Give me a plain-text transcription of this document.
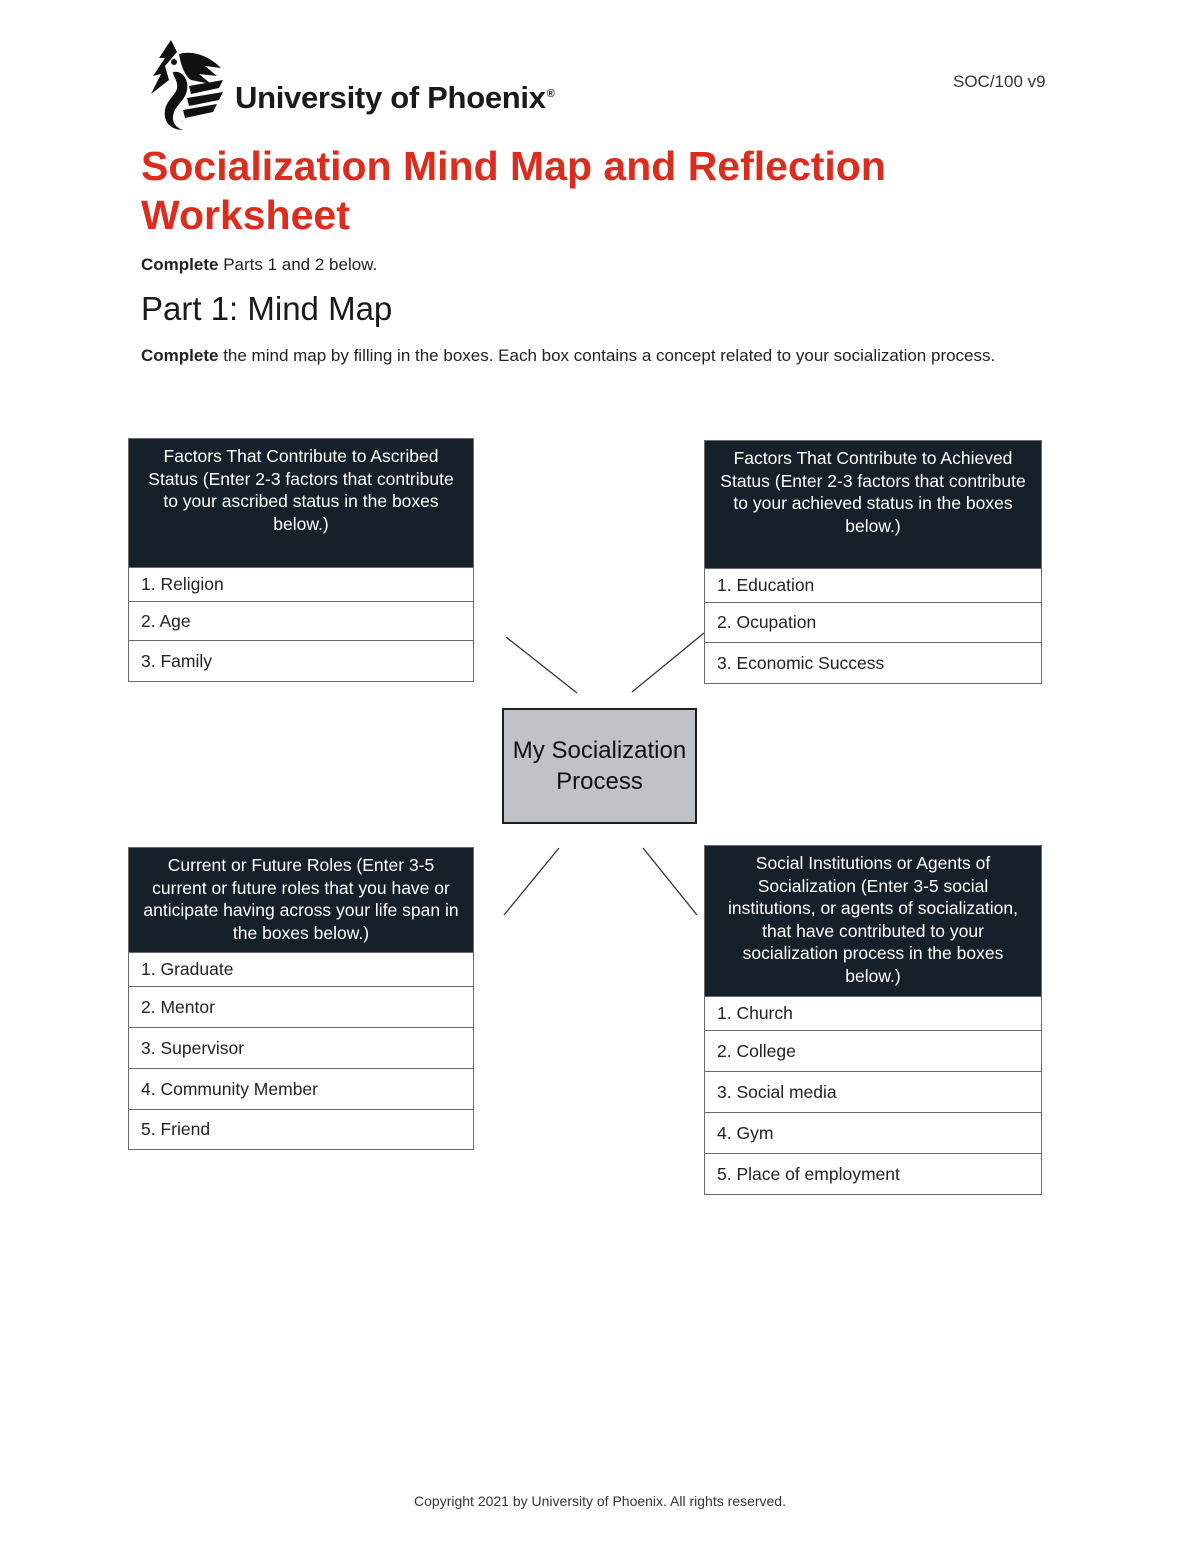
University of Phoenix®
SOC/100 v9
Socialization Mind Map and Reflection Worksheet
Complete Parts 1 and 2 below.
Part 1: Mind Map
Complete the mind map by filling in the boxes. Each box contains a concept related to your socialization process.
Factors That Contribute to Ascribed Status (Enter 2-3 factors that contribute to your ascribed status in the boxes below.)
1. Religion
2. Age
3. Family
Factors That Contribute to Achieved Status (Enter 2-3 factors that contribute to your achieved status in the boxes below.)
1. Education
2. Ocupation
3. Economic Success
My Socialization Process
Current or Future Roles (Enter 3-5 current or future roles that you have or anticipate having across your life span in the boxes below.)
1. Graduate
2. Mentor
3. Supervisor
4. Community Member
5. Friend
Social Institutions or Agents of Socialization (Enter 3-5 social institutions, or agents of socialization, that have contributed to your socialization process in the boxes below.)
1. Church
2. College
3. Social media
4. Gym
5. Place of employment
Copyright 2021 by University of Phoenix. All rights reserved.
